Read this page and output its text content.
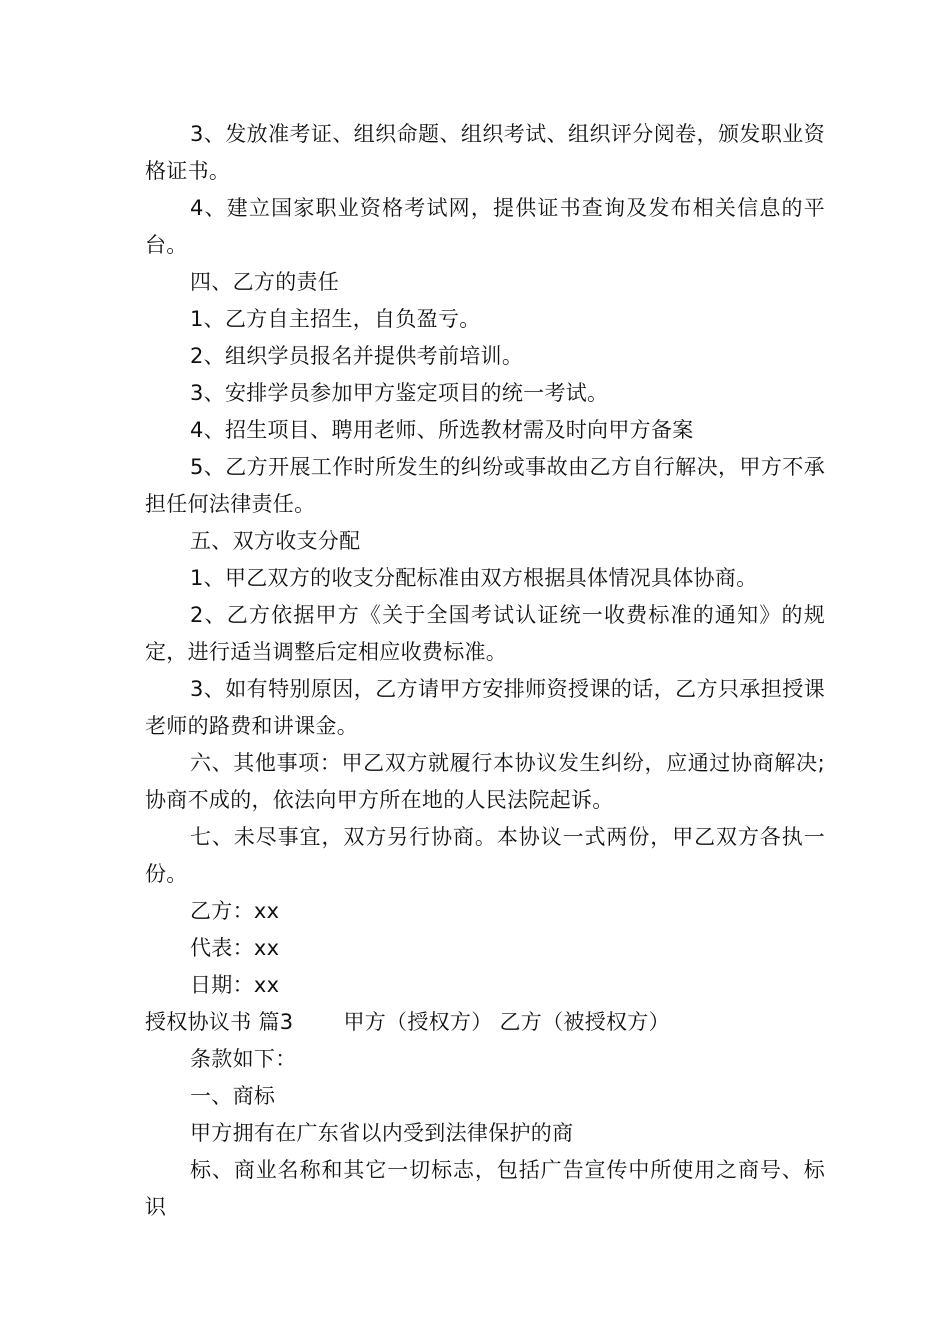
3、发放准考证、组织命题、组织考试、组织评分阅卷，颁发职业资格证书。

4、建立国家职业资格考试网，提供证书查询及发布相关信息的平台。

四、乙方的责任

1、乙方自主招生，自负盈亏。

2、组织学员报名并提供考前培训。

3、安排学员参加甲方鉴定项目的统一考试。

4、招生项目、聘用老师、所选教材需及时向甲方备案

5、乙方开展工作时所发生的纠纷或事故由乙方自行解决，甲方不承担任何法律责任。

五、双方收支分配

1、甲乙双方的收支分配标准由双方根据具体情况具体协商。

2、乙方依据甲方《关于全国考试认证统一收费标准的通知》的规定，进行适当调整后定相应收费标准。

3、如有特别原因，乙方请甲方安排师资授课的话，乙方只承担授课老师的路费和讲课金。

六、其他事项：甲乙双方就履行本协议发生纠纷，应通过协商解决;协商不成的，依法向甲方所在地的人民法院起诉。

七、未尽事宜，双方另行协商。本协议一式两份，甲乙双方各执一份。

乙方：xx

代表：xx

日期：xx

授权协议书 篇3 甲方（授权方） 乙方（被授权方）

条款如下：

一、商标

甲方拥有在广东省以内受到法律保护的商

标、商业名称和其它一切标志，包括广告宣传中所使用之商号、标识
